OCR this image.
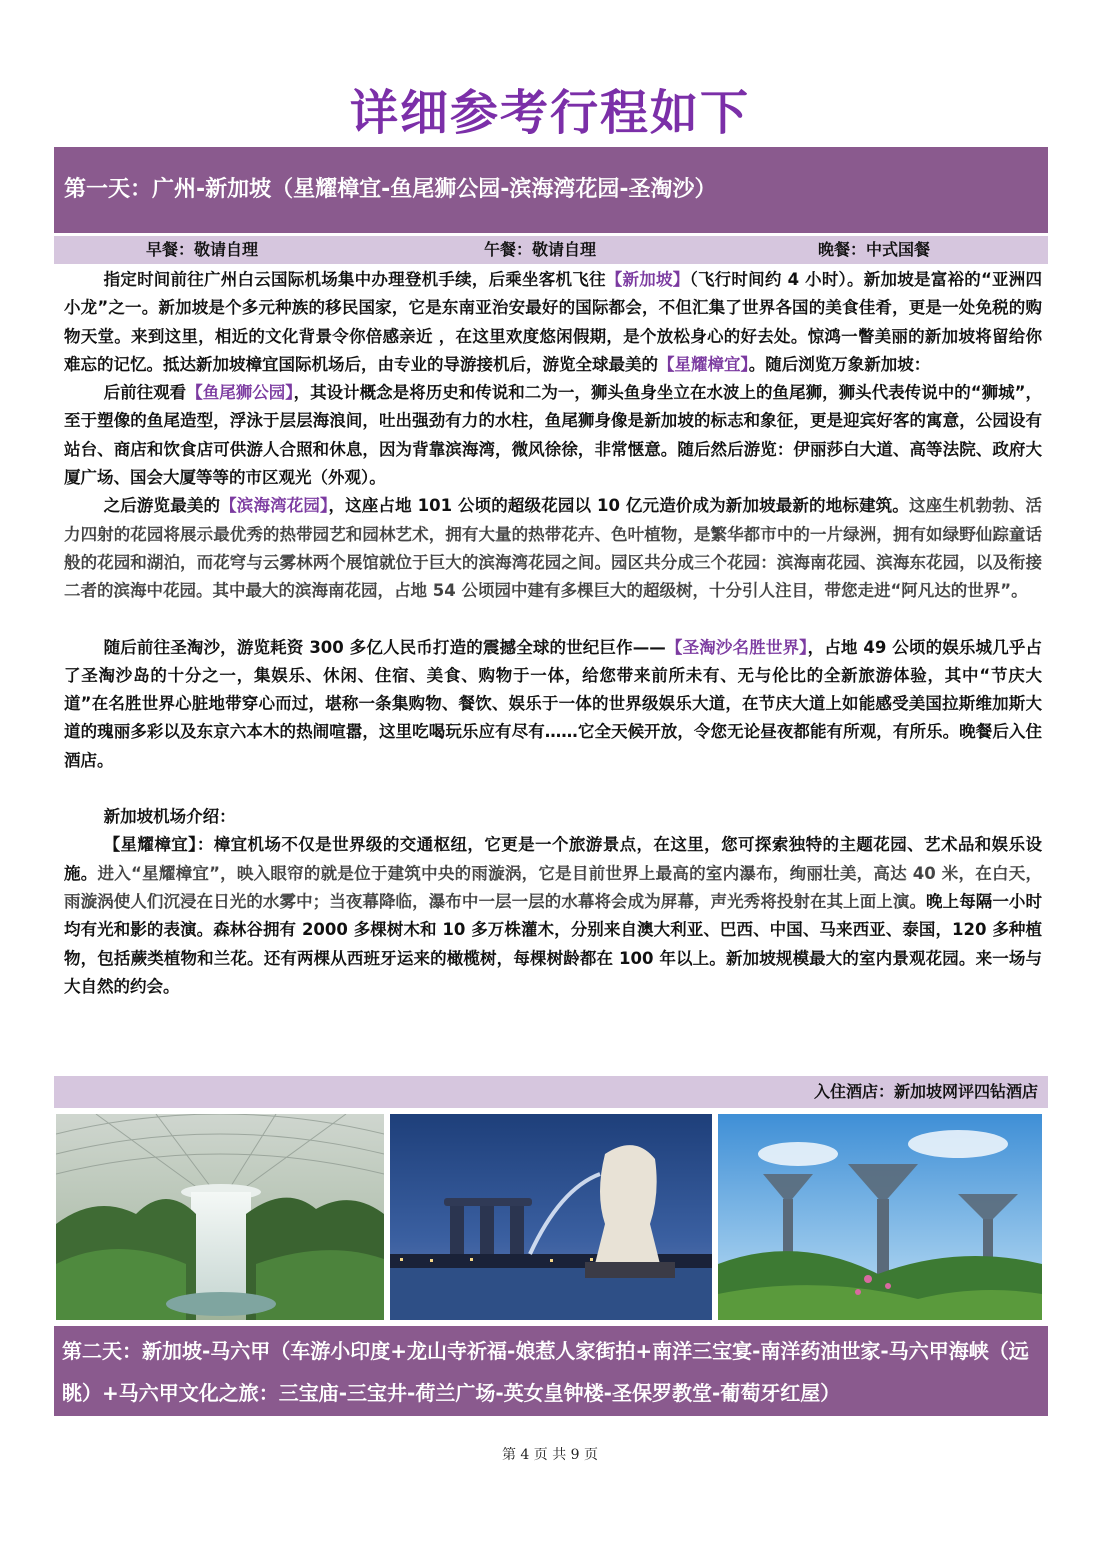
详细参考行程如下
第一天：广州-新加坡（星耀樟宜-鱼尾狮公园-滨海湾花园-圣淘沙）
早餐：敬请自理	午餐：敬请自理	晚餐：中式国餐

指定时间前往广州白云国际机场集中办理登机手续，后乘坐客机飞往【新加坡】（飞行时间约 4 小时）。新加坡是富裕的“亚洲四小龙”之一。新加坡是个多元种族的移民国家，它是东南亚治安最好的国际都会，不但汇集了世界各国的美食佳肴，更是一处免税的购物天堂。来到这里，相近的文化背景令你倍感亲近 ，在这里欢度悠闲假期，是个放松身心的好去处。惊鸿一瞥美丽的新加坡将留给你难忘的记忆。抵达新加坡樟宜国际机场后，由专业的导游接机后，游览全球最美的【星耀樟宜】。随后浏览万象新加坡：

后前往观看【鱼尾狮公园】，其设计概念是将历史和传说和二为一，狮头鱼身坐立在水波上的鱼尾狮，狮头代表传说中的“狮城”，至于塑像的鱼尾造型，浮泳于层层海浪间，吐出强劲有力的水柱，鱼尾狮身像是新加坡的标志和象征，更是迎宾好客的寓意，公园设有站台、商店和饮食店可供游人合照和休息，因为背靠滨海湾，微风徐徐，非常惬意。随后然后游览：伊丽莎白大道、高等法院、政府大厦广场、国会大厦等等的市区观光（外观）。

之后游览最美的【滨海湾花园】，这座占地 101 公顷的超级花园以 10 亿元造价成为新加坡最新的地标建筑。这座生机勃勃、活力四射的花园将展示最优秀的热带园艺和园林艺术，拥有大量的热带花卉、色叶植物，是繁华都市中的一片绿洲，拥有如绿野仙踪童话般的花园和湖泊，而花穹与云雾林两个展馆就位于巨大的滨海湾花园之间。园区共分成三个花园：滨海南花园、滨海东花园，以及衔接二者的滨海中花园。其中最大的滨海南花园，占地 54 公顷园中建有多棵巨大的超级树，十分引人注目，带您走进“阿凡达的世界”。

随后前往圣淘沙，游览耗资 300 多亿人民币打造的震撼全球的世纪巨作——【圣淘沙名胜世界】，占地 49 公顷的娱乐城几乎占了圣淘沙岛的十分之一，集娱乐、休闲、住宿、美食、购物于一体，给您带来前所未有、无与伦比的全新旅游体验，其中“节庆大道”在名胜世界心脏地带穿心而过，堪称一条集购物、餐饮、娱乐于一体的世界级娱乐大道，在节庆大道上如能感受美国拉斯维加斯大道的瑰丽多彩以及东京六本木的热闹喧嚣，这里吃喝玩乐应有尽有……它全天候开放，令您无论昼夜都能有所观，有所乐。晚餐后入住酒店。

新加坡机场介绍：

【星耀樟宜】：樟宜机场不仅是世界级的交通枢纽，它更是一个旅游景点，在这里，您可探索独特的主题花园、艺术品和娱乐设施。进入“星耀樟宜”，映入眼帘的就是位于建筑中央的雨漩涡，它是目前世界上最高的室内瀑布，绚丽壮美，高达 40 米，在白天，雨漩涡使人们沉浸在日光的水雾中；当夜幕降临，瀑布中一层一层的水幕将会成为屏幕，声光秀将投射在其上面上演。晚上每隔一小时均有光和影的表演。森林谷拥有 2000 多棵树木和 10 多万株灌木，分别来自澳大利亚、巴西、中国、马来西亚、泰国，120 多种植物，包括蕨类植物和兰花。还有两棵从西班牙运来的橄榄树，每棵树龄都在 100 年以上。新加坡规模最大的室内景观花园。来一场与大自然的约会。

入住酒店：新加坡网评四钻酒店
第二天：新加坡-马六甲（车游小印度+龙山寺祈福-娘惹人家街拍+南洋三宝宴-南洋药油世家-马六甲海峡（远眺）+马六甲文化之旅：三宝庙-三宝井-荷兰广场-英女皇钟楼-圣保罗教堂-葡萄牙红屋）
第 4 页 共 9 页
